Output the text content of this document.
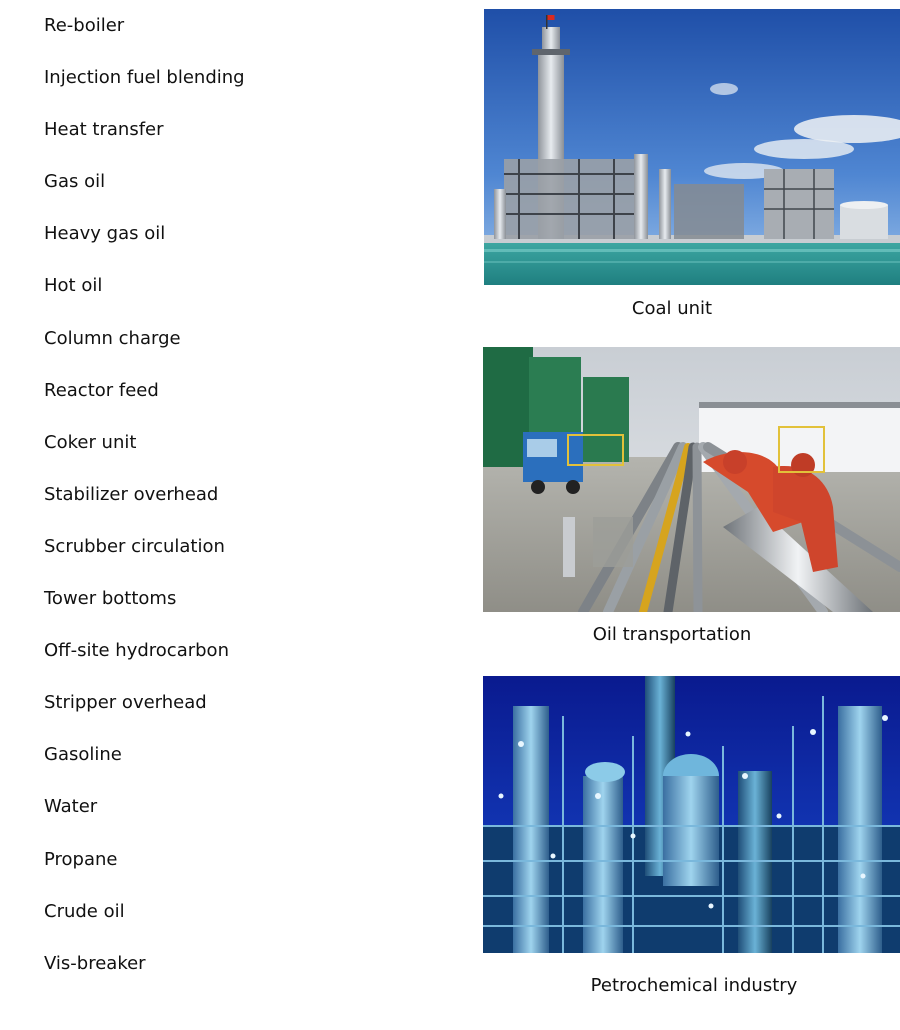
Re-boiler
Injection fuel blending
Heat transfer
Gas oil
Heavy gas oil
Hot oil
Column charge
Reactor feed
Coker unit
Stabilizer overhead
Scrubber circulation
Tower bottoms
Off-site hydrocarbon
Stripper overhead
Gasoline
Water
Propane
Crude oil
Vis-breaker
Coal unit
Oil transportation
Petrochemical industry
